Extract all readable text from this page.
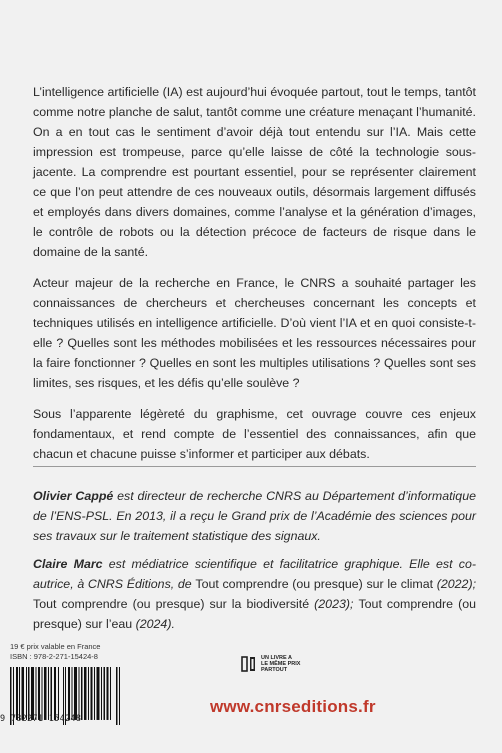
L’intelligence artificielle (IA) est aujourd’hui évoquée partout, tout le temps, tantôt comme notre planche de salut, tantôt comme une créature menaçant l’humanité. On a en tout cas le sentiment d’avoir déjà tout entendu sur l’IA. Mais cette impression est trompeuse, parce qu’elle laisse de côté la technologie sous-jacente. La comprendre est pourtant essentiel, pour se représenter clairement ce que l’on peut attendre de ces nouveaux outils, désormais largement diffusés et employés dans divers domaines, comme l’analyse et la génération d’images, le contrôle de robots ou la détection précoce de facteurs de risque dans le domaine de la santé.

Acteur majeur de la recherche en France, le CNRS a souhaité partager les connaissances de chercheurs et chercheuses concernant les concepts et techniques utilisés en intelligence artificielle. D’où vient l’IA et en quoi consiste-t-elle ? Quelles sont les méthodes mobilisées et les ressources nécessaires pour la faire fonctionner ? Quelles en sont les multiples utilisations ? Quelles sont ses limites, ses risques, et les défis qu’elle soulève ?

Sous l’apparente légèreté du graphisme, cet ouvrage couvre ces enjeux fondamentaux, et rend compte de l’essentiel des connaissances, afin que chacun et chacune puisse s’informer et participer aux débats.

Olivier Cappé est directeur de recherche CNRS au Département d’informatique de l’ENS-PSL. En 2013, il a reçu le Grand prix de l’Académie des sciences pour ses travaux sur le traitement statistique des signaux.

Claire Marc est médiatrice scientifique et facilitatrice graphique. Elle est co-autrice, à CNRS Éditions, de Tout comprendre (ou presque) sur le climat (2022); Tout comprendre (ou presque) sur la biodiversité (2023); Tout comprendre (ou presque) sur l’eau (2024).

19 € prix valable en France
ISBN : 978-2-271-15424-8
9 782271 154248
UN LIVRE A
LE MÊME PRIX
PARTOUT
www.cnrseditions.fr
